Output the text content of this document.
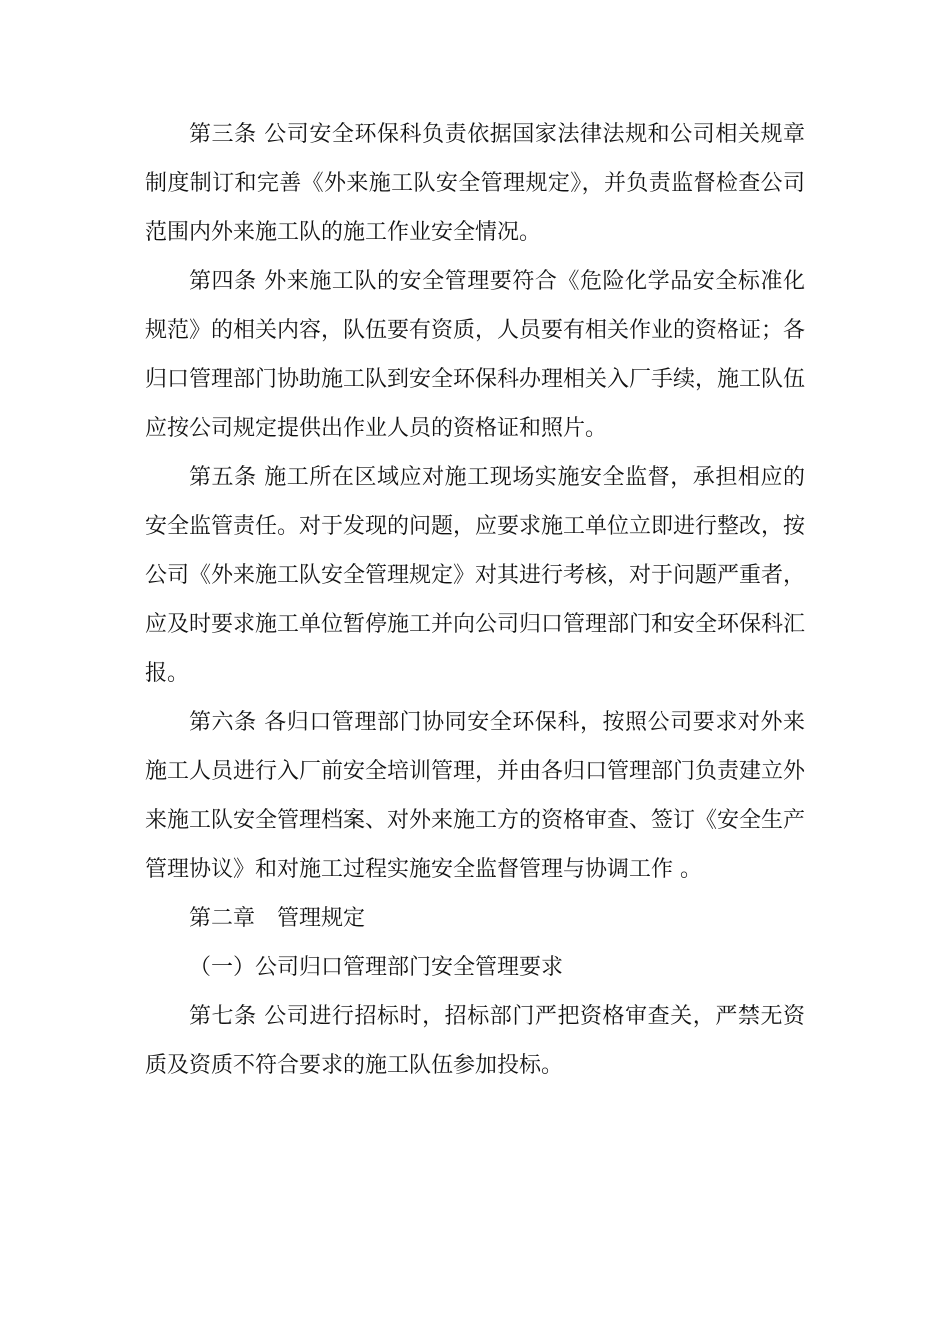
第三条 公司安全环保科负责依据国家法律法规和公司相关规章制度制订和完善《外来施工队安全管理规定》，并负责监督检查公司范围内外来施工队的施工作业安全情况。

第四条 外来施工队的安全管理要符合《危险化学品安全标准化规范》的相关内容，队伍要有资质，人员要有相关作业的资格证；各归口管理部门协助施工队到安全环保科办理相关入厂手续，施工队伍应按公司规定提供出作业人员的资格证和照片。

第五条 施工所在区域应对施工现场实施安全监督，承担相应的安全监管责任。对于发现的问题，应要求施工单位立即进行整改，按公司《外来施工队安全管理规定》对其进行考核，对于问题严重者，应及时要求施工单位暂停施工并向公司归口管理部门和安全环保科汇报。

第六条 各归口管理部门协同安全环保科，按照公司要求对外来施工人员进行入厂前安全培训管理，并由各归口管理部门负责建立外来施工队安全管理档案、对外来施工方的资格审查、签订《安全生产管理协议》和对施工过程实施安全监督管理与协调工作 。

第二章　管理规定

（一）公司归口管理部门安全管理要求

第七条 公司进行招标时，招标部门严把资格审查关，严禁无资质及资质不符合要求的施工队伍参加投标。
